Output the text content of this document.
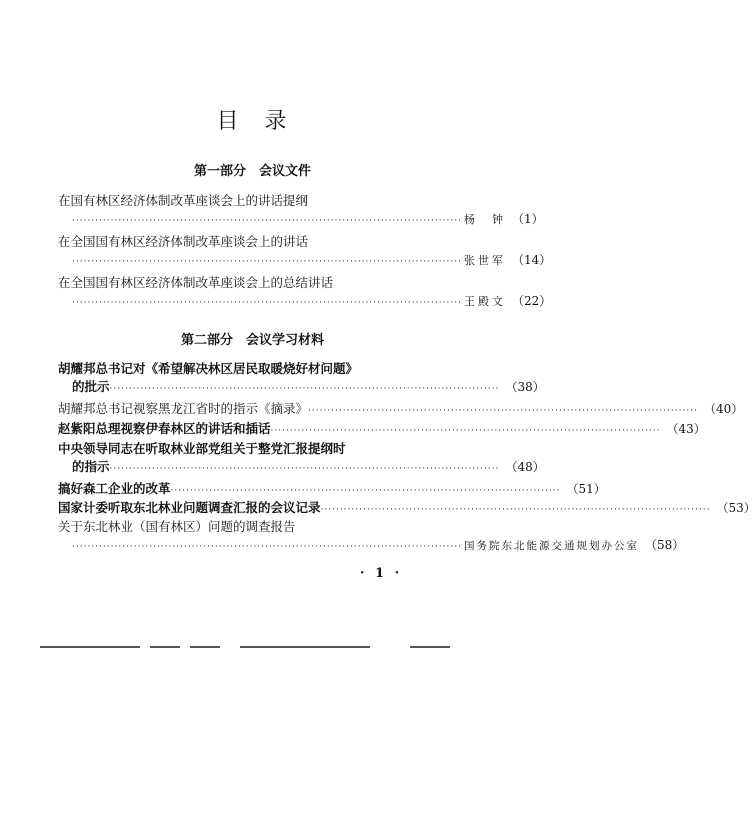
目　录
第一部分　会议文件
在国有林区经济体制改革座谈会上的讲话提纲
····································································································· 杨　钟 （1）
在全国国有林区经济体制改革座谈会上的讲话
····································································································· 张世军 （14）
在全国国有林区经济体制改革座谈会上的总结讲话
····································································································· 王殿文 （22）
第二部分　会议学习材料
胡耀邦总书记对《希望解决林区居民取暖烧好材问题》
的批示 ····································································································· （38）
胡耀邦总书记视察黑龙江省时的指示《摘录》 ····································································································· （40）
赵紫阳总理视察伊春林区的讲话和插话 ····································································································· （43）
中央领导同志在听取林业部党组关于整党汇报提纲时
的指示 ····································································································· （48）
搞好森工企业的改革 ····································································································· （51）
国家计委听取东北林业问题调查汇报的会议记录 ····································································································· （53）
关于东北林业（国有林区）问题的调查报告
····································································································· 国务院东北能源交通规划办公室 （58）
· 1 ·
